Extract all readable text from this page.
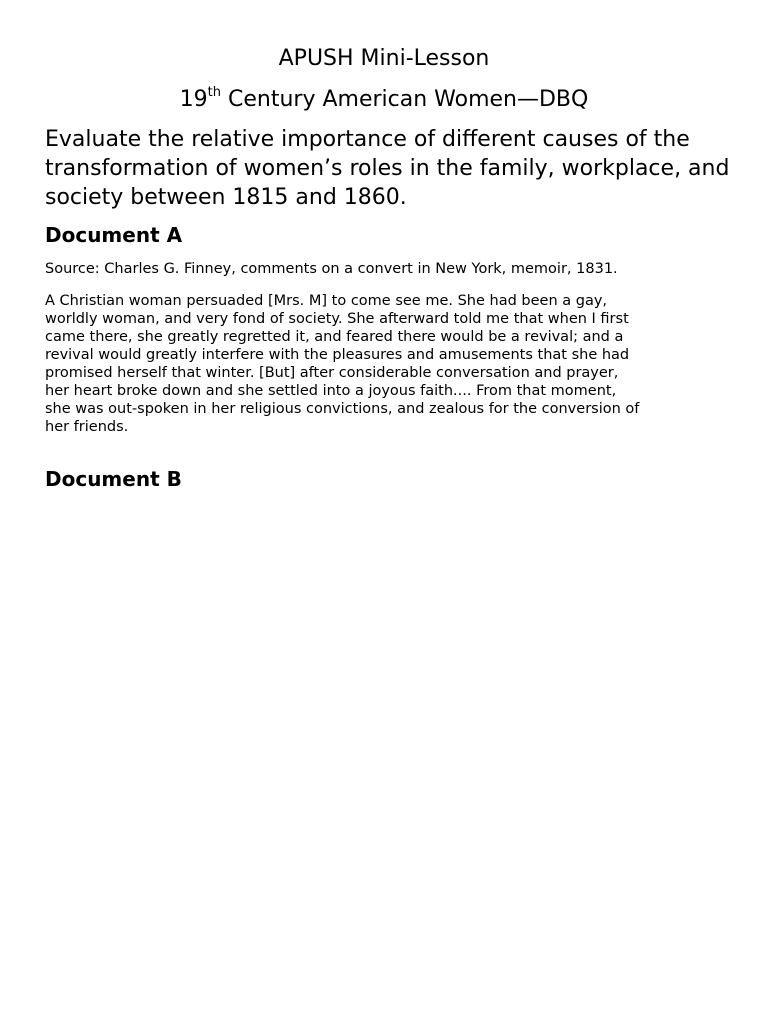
APUSH Mini-Lesson
19th Century American Women—DBQ

Evaluate the relative importance of different causes of the transformation of women’s roles in the family, workplace, and society between 1815 and 1860.

Document A

Source: Charles G. Finney, comments on a convert in New York, memoir, 1831.

A Christian woman persuaded [Mrs. M] to come see me. She had been a gay,
worldly woman, and very fond of society. She afterward told me that when I first
came there, she greatly regretted it, and feared there would be a revival; and a
revival would greatly interfere with the pleasures and amusements that she had
promised herself that winter. [But] after considerable conversation and prayer,
her heart broke down and she settled into a joyous faith.... From that moment,
she was out-spoken in her religious convictions, and zealous for the conversion of
her friends.

Document B
